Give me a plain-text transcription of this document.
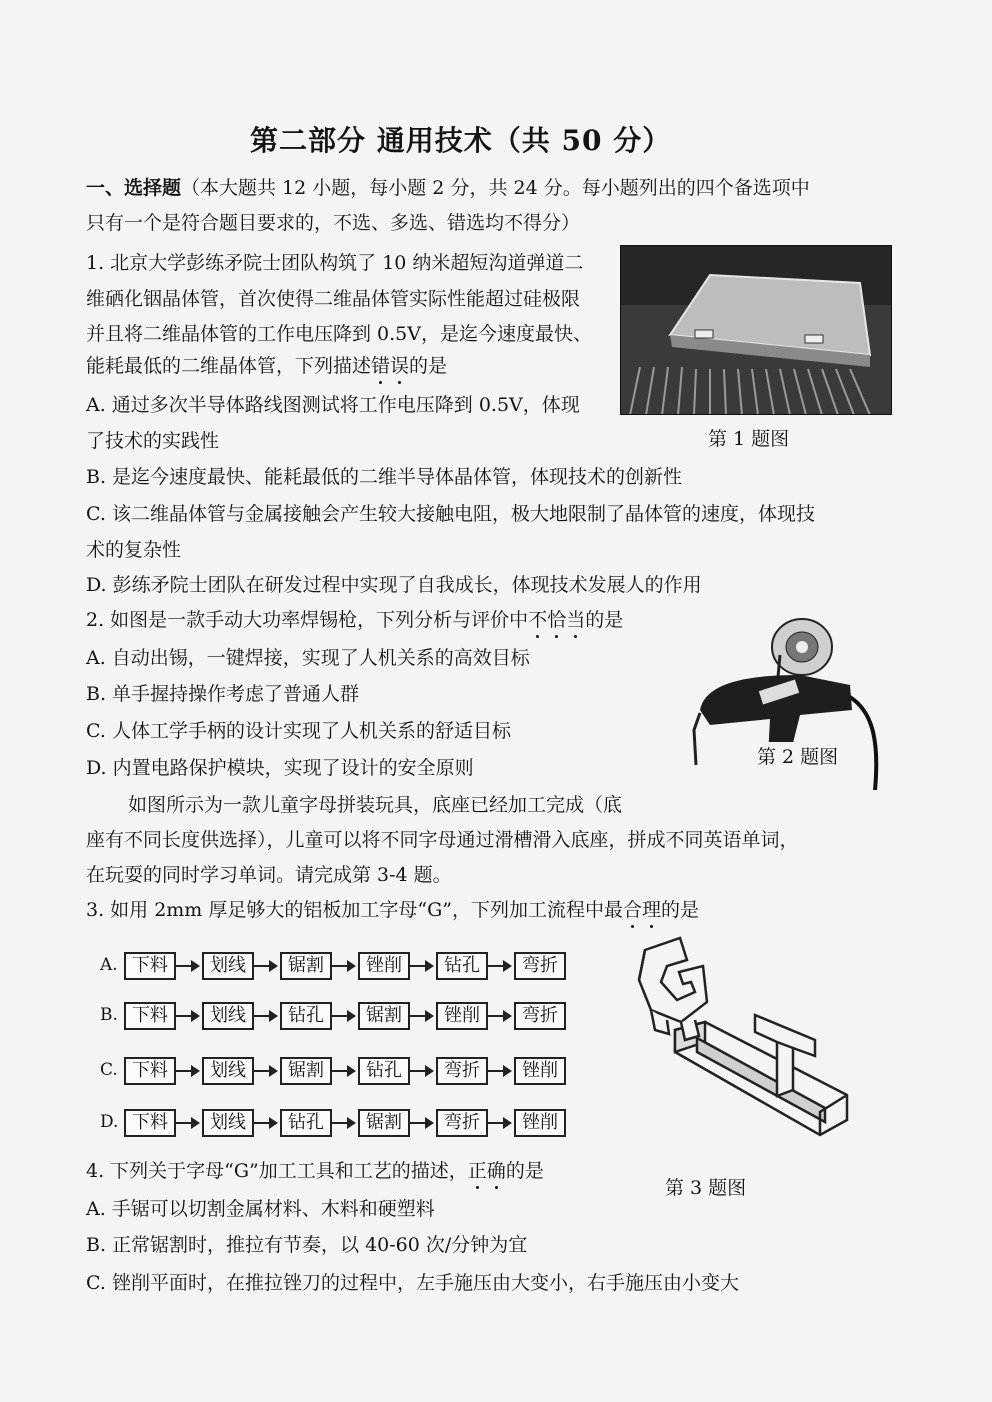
第二部分 通用技术（共 50 分）
一、选择题（本大题共 12 小题，每小题 2 分，共 24 分。每小题列出的四个备选项中
只有一个是符合题目要求的，不选、多选、错选均不得分）
1. 北京大学彭练矛院士团队构筑了 10 纳米超短沟道弹道二
维硒化铟晶体管，首次使得二维晶体管实际性能超过硅极限
并且将二维晶体管的工作电压降到 0.5V，是迄今速度最快、
能耗最低的二维晶体管，下列描述错误的是
A. 通过多次半导体路线图测试将工作电压降到 0.5V，体现
了技术的实践性
B. 是迄今速度最快、能耗最低的二维半导体晶体管，体现技术的创新性
C. 该二维晶体管与金属接触会产生较大接触电阻，极大地限制了晶体管的速度，体现技
术的复杂性
D. 彭练矛院士团队在研发过程中实现了自我成长，体现技术发展人的作用
第 1 题图
2. 如图是一款手动大功率焊锡枪，下列分析与评价中不恰当的是
A. 自动出锡，一键焊接，实现了人机关系的高效目标
B. 单手握持操作考虑了普通人群
C. 人体工学手柄的设计实现了人机关系的舒适目标
D. 内置电路保护模块，实现了设计的安全原则	第 2 题图
如图所示为一款儿童字母拼装玩具，底座已经加工完成（底
座有不同长度供选择），儿童可以将不同字母通过滑槽滑入底座，拼成不同英语单词，
在玩耍的同时学习单词。请完成第 3-4 题。
3. 如用 2mm 厚足够大的铝板加工字母“G”，下列加工流程中最合理的是
A. 下料	划线	锯割	锉削	钻孔	弯折
B. 下料	划线	钻孔	锯割	锉削	弯折
C. 下料	划线	锯割	钻孔	弯折	锉削
D. 下料	划线	钻孔	锯割	弯折	锉削
第 3 题图
4. 下列关于字母“G”加工工具和工艺的描述，正确的是
A. 手锯可以切割金属材料、木料和硬塑料
B. 正常锯割时，推拉有节奏，以 40-60 次/分钟为宜
C. 锉削平面时，在推拉锉刀的过程中，左手施压由大变小，右手施压由小变大
